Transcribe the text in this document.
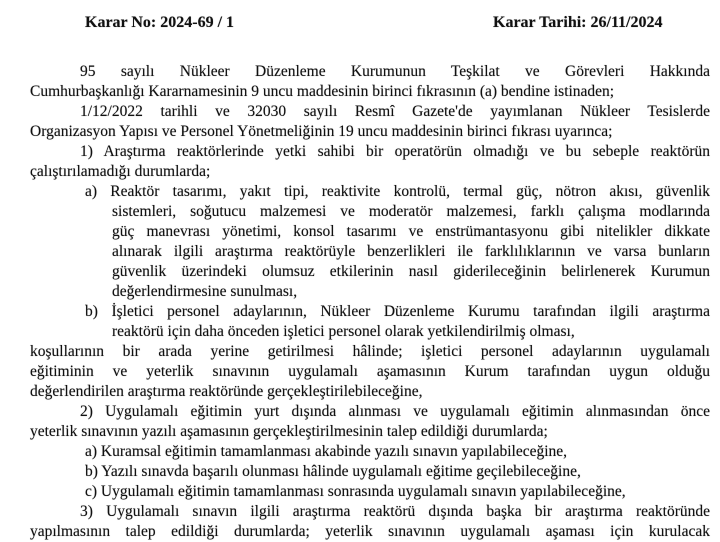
Karar No: 2024-69 / 1	Karar Tarihi: 26/11/2024
95 sayılı Nükleer Düzenleme Kurumunun Teşkilat ve Görevleri Hakkında
Cumhurbaşkanlığı Kararnamesinin 9 uncu maddesinin birinci fıkrasının (a) bendine istinaden;
1/12/2022 tarihli ve 32030 sayılı Resmî Gazete'de yayımlanan Nükleer Tesislerde
Organizasyon Yapısı ve Personel Yönetmeliğinin 19 uncu maddesinin birinci fıkrası uyarınca;
1) Araştırma reaktörlerinde yetki sahibi bir operatörün olmadığı ve bu sebeple reaktörün
çalıştırılamadığı durumlarda;
a) Reaktör tasarımı, yakıt tipi, reaktivite kontrolü, termal güç, nötron akısı, güvenlik
sistemleri, soğutucu malzemesi ve moderatör malzemesi, farklı çalışma modlarında
güç manevrası yönetimi, konsol tasarımı ve enstrümantasyonu gibi nitelikler dikkate
alınarak ilgili araştırma reaktörüyle benzerlikleri ile farklılıklarının ve varsa bunların
güvenlik üzerindeki olumsuz etkilerinin nasıl giderileceğinin belirlenerek Kurumun
değerlendirmesine sunulması,
b) İşletici personel adaylarının, Nükleer Düzenleme Kurumu tarafından ilgili araştırma
reaktörü için daha önceden işletici personel olarak yetkilendirilmiş olması,
koşullarının bir arada yerine getirilmesi hâlinde; işletici personel adaylarının uygulamalı
eğitiminin ve yeterlik sınavının uygulamalı aşamasının Kurum tarafından uygun olduğu
değerlendirilen araştırma reaktöründe gerçekleştirilebileceğine,
2) Uygulamalı eğitimin yurt dışında alınması ve uygulamalı eğitimin alınmasından önce
yeterlik sınavının yazılı aşamasının gerçekleştirilmesinin talep edildiği durumlarda;
a) Kuramsal eğitimin tamamlanması akabinde yazılı sınavın yapılabileceğine,
b) Yazılı sınavda başarılı olunması hâlinde uygulamalı eğitime geçilebileceğine,
c) Uygulamalı eğitimin tamamlanması sonrasında uygulamalı sınavın yapılabileceğine,
3) Uygulamalı sınavın ilgili araştırma reaktörü dışında başka bir araştırma reaktöründe
yapılmasının talep edildiği durumlarda; yeterlik sınavının uygulamalı aşaması için kurulacak
